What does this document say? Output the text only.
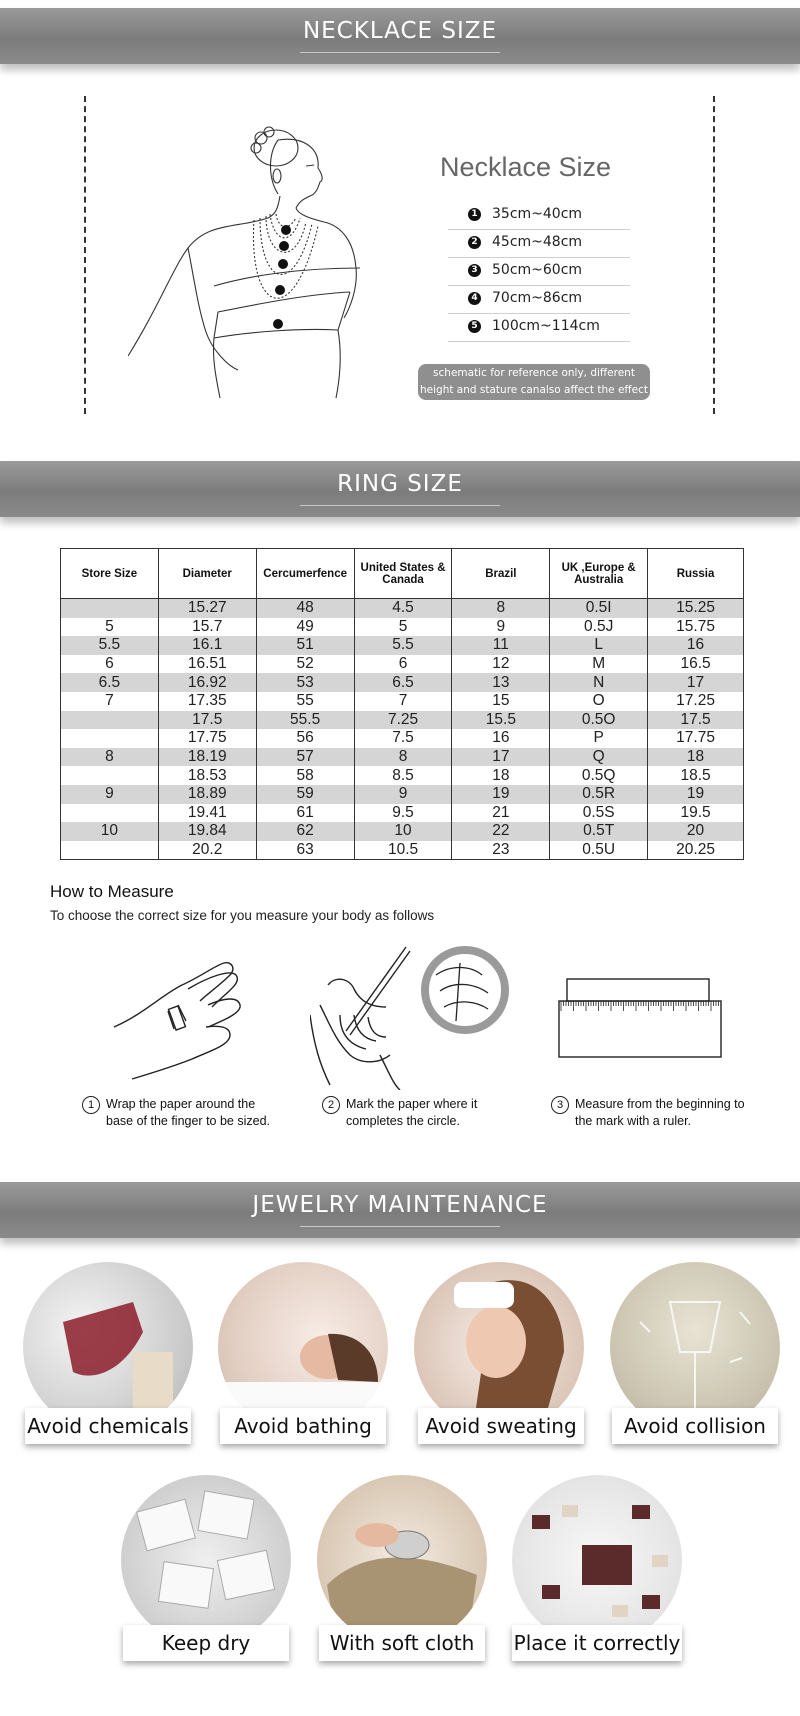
NECKLACE SIZE
Necklace Size
1 35cm~40cm
2 45cm~48cm
3 50cm~60cm
4 70cm~86cm
5 100cm~114cm
schematic for reference only, different
height and stature canalso affect the effect
RING SIZE
Store Size	Diameter	Cercumerfence	United States & Canada	Brazil	UK ,Europe & Australia	Russia
	15.27	48	4.5	8	0.5I	15.25
5	15.7	49	5	9	0.5J	15.75
5.5	16.1	51	5.5	11	L	16
6	16.51	52	6	12	M	16.5
6.5	16.92	53	6.5	13	N	17
7	17.35	55	7	15	O	17.25
	17.5	55.5	7.25	15.5	0.5O	17.5
	17.75	56	7.5	16	P	17.75
8	18.19	57	8	17	Q	18
	18.53	58	8.5	18	0.5Q	18.5
9	18.89	59	9	19	0.5R	19
	19.41	61	9.5	21	0.5S	19.5
10	19.84	62	10	22	0.5T	20
	20.2	63	10.5	23	0.5U	20.25
How to Measure
To choose the correct size for you measure your body as follows
1 Wrap the paper around the
base of the finger to be sized.
2 Mark the paper where it
completes the circle.
3 Measure from the beginning to
the mark with a ruler.
JEWELRY MAINTENANCE
Avoid chemicals	Avoid bathing	Avoid sweating	Avoid collision
Keep dry	With soft cloth	Place it correctly
